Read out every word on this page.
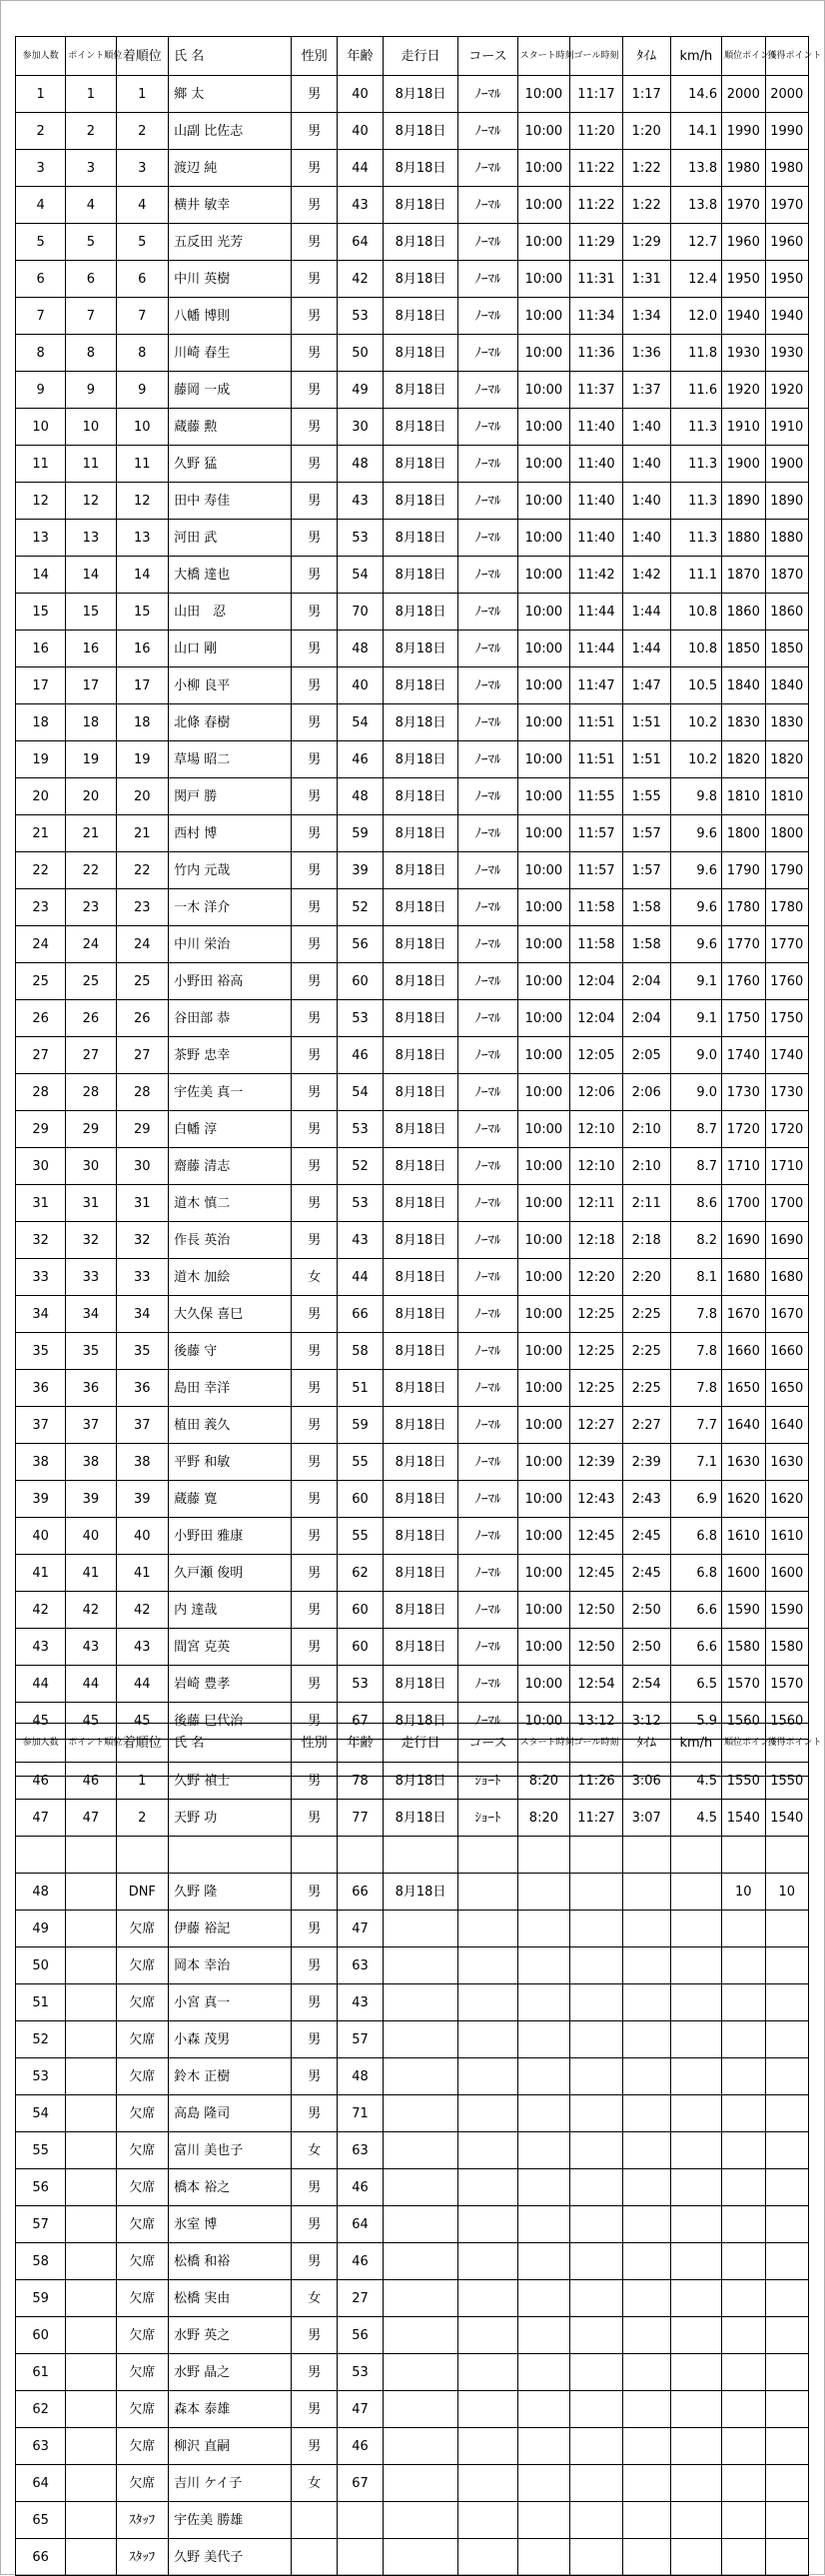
参加人数	ポイント順位	着順位	氏 名	性別	年齢	走行日	コース	スタート時刻	ゴール時刻	ﾀｲﾑ	km/h	順位ポイント	獲得ポイント
1	1	1	鄉 太	男	40	8月18日	ﾉｰﾏﾙ	10:00	11:17	1:17	14.6	2000	2000
2	2	2	山副 比佐志	男	40	8月18日	ﾉｰﾏﾙ	10:00	11:20	1:20	14.1	1990	1990
3	3	3	渡辺 純	男	44	8月18日	ﾉｰﾏﾙ	10:00	11:22	1:22	13.8	1980	1980
4	4	4	横井 敏幸	男	43	8月18日	ﾉｰﾏﾙ	10:00	11:22	1:22	13.8	1970	1970
5	5	5	五反田 光芳	男	64	8月18日	ﾉｰﾏﾙ	10:00	11:29	1:29	12.7	1960	1960
6	6	6	中川 英樹	男	42	8月18日	ﾉｰﾏﾙ	10:00	11:31	1:31	12.4	1950	1950
7	7	7	八幡 博則	男	53	8月18日	ﾉｰﾏﾙ	10:00	11:34	1:34	12.0	1940	1940
8	8	8	川崎 春生	男	50	8月18日	ﾉｰﾏﾙ	10:00	11:36	1:36	11.8	1930	1930
9	9	9	藤岡 一成	男	49	8月18日	ﾉｰﾏﾙ	10:00	11:37	1:37	11.6	1920	1920
10	10	10	蔵藤 勲	男	30	8月18日	ﾉｰﾏﾙ	10:00	11:40	1:40	11.3	1910	1910
11	11	11	久野 猛	男	48	8月18日	ﾉｰﾏﾙ	10:00	11:40	1:40	11.3	1900	1900
12	12	12	田中 寿佳	男	43	8月18日	ﾉｰﾏﾙ	10:00	11:40	1:40	11.3	1890	1890
13	13	13	河田 武	男	53	8月18日	ﾉｰﾏﾙ	10:00	11:40	1:40	11.3	1880	1880
14	14	14	大橋 達也	男	54	8月18日	ﾉｰﾏﾙ	10:00	11:42	1:42	11.1	1870	1870
15	15	15	山田　忍	男	70	8月18日	ﾉｰﾏﾙ	10:00	11:44	1:44	10.8	1860	1860
16	16	16	山口 剛	男	48	8月18日	ﾉｰﾏﾙ	10:00	11:44	1:44	10.8	1850	1850
17	17	17	小柳 良平	男	40	8月18日	ﾉｰﾏﾙ	10:00	11:47	1:47	10.5	1840	1840
18	18	18	北條 春樹	男	54	8月18日	ﾉｰﾏﾙ	10:00	11:51	1:51	10.2	1830	1830
19	19	19	草場 昭二	男	46	8月18日	ﾉｰﾏﾙ	10:00	11:51	1:51	10.2	1820	1820
20	20	20	関戸 勝	男	48	8月18日	ﾉｰﾏﾙ	10:00	11:55	1:55	9.8	1810	1810
21	21	21	西村 博	男	59	8月18日	ﾉｰﾏﾙ	10:00	11:57	1:57	9.6	1800	1800
22	22	22	竹内 元哉	男	39	8月18日	ﾉｰﾏﾙ	10:00	11:57	1:57	9.6	1790	1790
23	23	23	一木 洋介	男	52	8月18日	ﾉｰﾏﾙ	10:00	11:58	1:58	9.6	1780	1780
24	24	24	中川 栄治	男	56	8月18日	ﾉｰﾏﾙ	10:00	11:58	1:58	9.6	1770	1770
25	25	25	小野田 裕高	男	60	8月18日	ﾉｰﾏﾙ	10:00	12:04	2:04	9.1	1760	1760
26	26	26	谷田部 恭	男	53	8月18日	ﾉｰﾏﾙ	10:00	12:04	2:04	9.1	1750	1750
27	27	27	茶野 忠幸	男	46	8月18日	ﾉｰﾏﾙ	10:00	12:05	2:05	9.0	1740	1740
28	28	28	宇佐美 真一	男	54	8月18日	ﾉｰﾏﾙ	10:00	12:06	2:06	9.0	1730	1730
29	29	29	白幡 淳	男	53	8月18日	ﾉｰﾏﾙ	10:00	12:10	2:10	8.7	1720	1720
30	30	30	齋藤 清志	男	52	8月18日	ﾉｰﾏﾙ	10:00	12:10	2:10	8.7	1710	1710
31	31	31	道木 慎二	男	53	8月18日	ﾉｰﾏﾙ	10:00	12:11	2:11	8.6	1700	1700
32	32	32	作長 英治	男	43	8月18日	ﾉｰﾏﾙ	10:00	12:18	2:18	8.2	1690	1690
33	33	33	道木 加絵	女	44	8月18日	ﾉｰﾏﾙ	10:00	12:20	2:20	8.1	1680	1680
34	34	34	大久保 喜巳	男	66	8月18日	ﾉｰﾏﾙ	10:00	12:25	2:25	7.8	1670	1670
35	35	35	後藤 守	男	58	8月18日	ﾉｰﾏﾙ	10:00	12:25	2:25	7.8	1660	1660
36	36	36	島田 幸洋	男	51	8月18日	ﾉｰﾏﾙ	10:00	12:25	2:25	7.8	1650	1650
37	37	37	植田 義久	男	59	8月18日	ﾉｰﾏﾙ	10:00	12:27	2:27	7.7	1640	1640
38	38	38	平野 和敏	男	55	8月18日	ﾉｰﾏﾙ	10:00	12:39	2:39	7.1	1630	1630
39	39	39	蔵藤 寛	男	60	8月18日	ﾉｰﾏﾙ	10:00	12:43	2:43	6.9	1620	1620
40	40	40	小野田 雅康	男	55	8月18日	ﾉｰﾏﾙ	10:00	12:45	2:45	6.8	1610	1610
41	41	41	久戸瀬 俊明	男	62	8月18日	ﾉｰﾏﾙ	10:00	12:45	2:45	6.8	1600	1600
42	42	42	内 達哉	男	60	8月18日	ﾉｰﾏﾙ	10:00	12:50	2:50	6.6	1590	1590
43	43	43	間宮 克英	男	60	8月18日	ﾉｰﾏﾙ	10:00	12:50	2:50	6.6	1580	1580
44	44	44	岩崎 豊孝	男	53	8月18日	ﾉｰﾏﾙ	10:00	12:54	2:54	6.5	1570	1570
45	45	45	後藤 巳代治	男	67	8月18日	ﾉｰﾏﾙ	10:00	13:12	3:12	5.9	1560	1560

参加人数	ポイント順位	着順位	氏 名	性別	年齢	走行日	コース	スタート時刻	ゴール時刻	ﾀｲﾑ	km/h	順位ポイント	獲得ポイント
46	46	1	久野 禎士	男	78	8月18日	ｼｮｰﾄ	8:20	11:26	3:06	4.5	1550	1550
47	47	2	天野 功	男	77	8月18日	ｼｮｰﾄ	8:20	11:27	3:07	4.5	1540	1540

48		DNF	久野 隆	男	66	8月18日						10	10
49		欠席	伊藤 裕記	男	47								
50		欠席	岡本 幸治	男	63								
51		欠席	小宮 真一	男	43								
52		欠席	小森 茂男	男	57								
53		欠席	鈴木 正樹	男	48								
54		欠席	高島 隆司	男	71								
55		欠席	富川 美也子	女	63								
56		欠席	橋本 裕之	男	46								
57		欠席	氷室 博	男	64								
58		欠席	松橋 和裕	男	46								
59		欠席	松橋 実由	女	27								
60		欠席	水野 英之	男	56								
61		欠席	水野 晶之	男	53								
62		欠席	森本 泰雄	男	47								
63		欠席	柳沢 直嗣	男	46								
64		欠席	吉川 ケイ子	女	67								
65		ｽﾀｯﾌ	宇佐美 勝雄										
66		ｽﾀｯﾌ	久野 美代子										
